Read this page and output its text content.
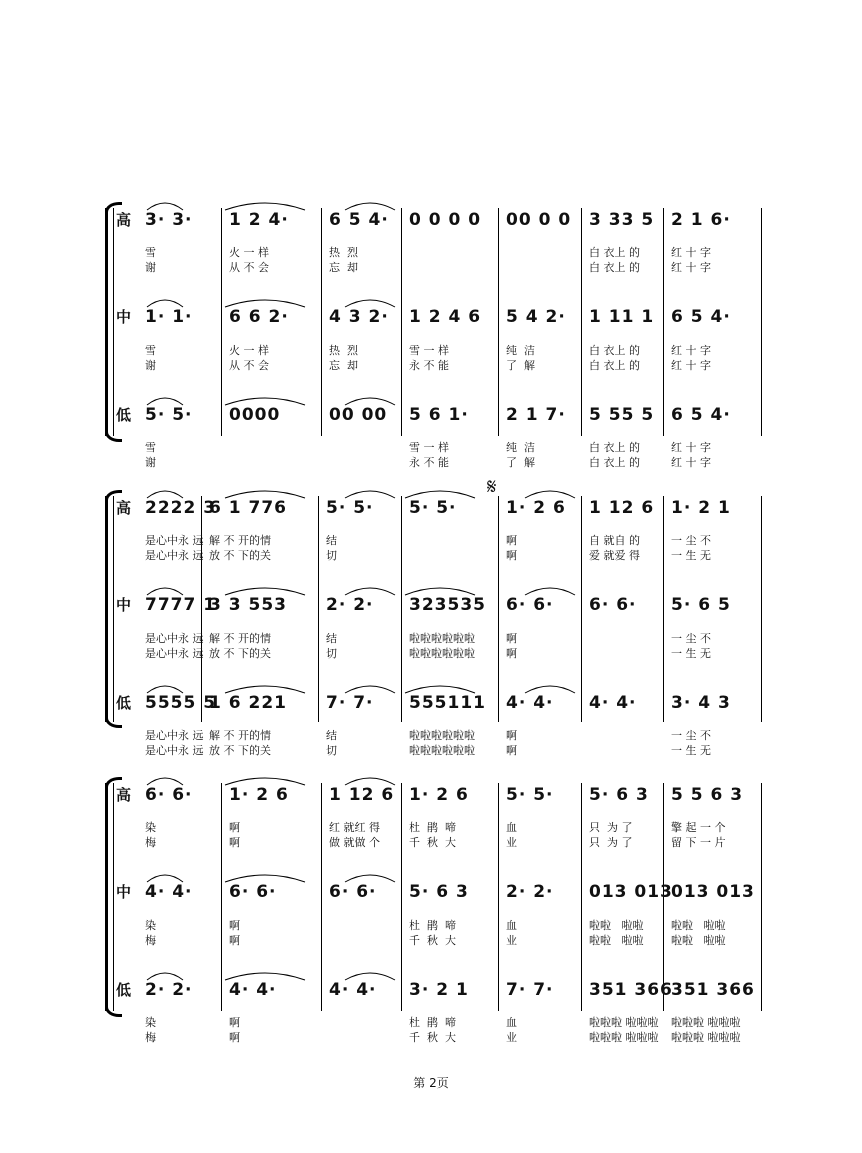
高 3· 3·
雪
谢
1 2 4·
火 一 样
从 不 会
6 5 4·
热  烈
忘  却
0 0 0 0 00 0 0 3 33 5
白 衣上 的
白 衣上 的
2 1 6·
红 十 字
红 十 字
中 1· 1·
雪
谢
6 6 2·
火 一 样
从 不 会
4 3 2·
热  烈
忘  却
1 2 4 6
雪 一 样
永 不 能
5 4 2·
纯  洁
了  解
1 11 1
白 衣上 的
白 衣上 的
6 5 4·
红 十 字
红 十 字
低 5· 5·
雪
谢
0000	00 00 5 6 1·
雪 一 样
永 不 能
2 1 7·
纯  洁
了  解
5 55 5
白 衣上 的
白 衣上 的
6 5 4·
红 十 字
红 十 字
高 2222 3
是心中永 远
是心中永 远
6 1 776
解 不 开的情
放 不 下的关
5· 5·
结
切
5· 5·	1· 2 6
啊
啊
1 12 6
自 就自 的
爱 就爱 得
1· 2 1
一 尘 不
一 生 无
中 7777 1
是心中永 远
是心中永 远
3 3 553
解 不 开的情
放 不 下的关
2· 2·
结
切
323535
啦啦啦啦啦啦
啦啦啦啦啦啦
6· 6·
啊
啊
6· 6· 5· 6 5
一 尘 不
一 生 无
低 5555 5
是心中永 远
是心中永 远
1 6 221
解 不 开的情
放 不 下的关
7· 7·
结
切
555111
啦啦啦啦啦啦
啦啦啦啦啦啦
4· 4·
啊
啊
4· 4· 3· 4 3
一 尘 不
一 生 无
高 6· 6·
染
梅
1· 2 6
啊
啊
1 12 6
红 就红 得
做 就做 个
1· 2 6
杜  鹃  啼
千  秋  大
5· 5·
血
业
5· 6 3
只  为 了
只  为 了
5 5 6 3
擎 起 一 个
留 下 一 片
中 4· 4·
染
梅
6· 6·
啊
啊
6· 6· 5· 6 3
杜  鹃  啼
千  秋  大
2· 2·
血
业
013 013
啦啦   啦啦
啦啦   啦啦
013 013
啦啦   啦啦
啦啦   啦啦
低 2· 2·
染
梅
4· 4·
啊
啊
4· 4· 3· 2 1
杜  鹃  啼
千  秋  大
7· 7·
血
业
351 366
啦啦啦 啦啦啦
啦啦啦 啦啦啦
351 366
啦啦啦 啦啦啦
啦啦啦 啦啦啦
𝄋
第 2页
